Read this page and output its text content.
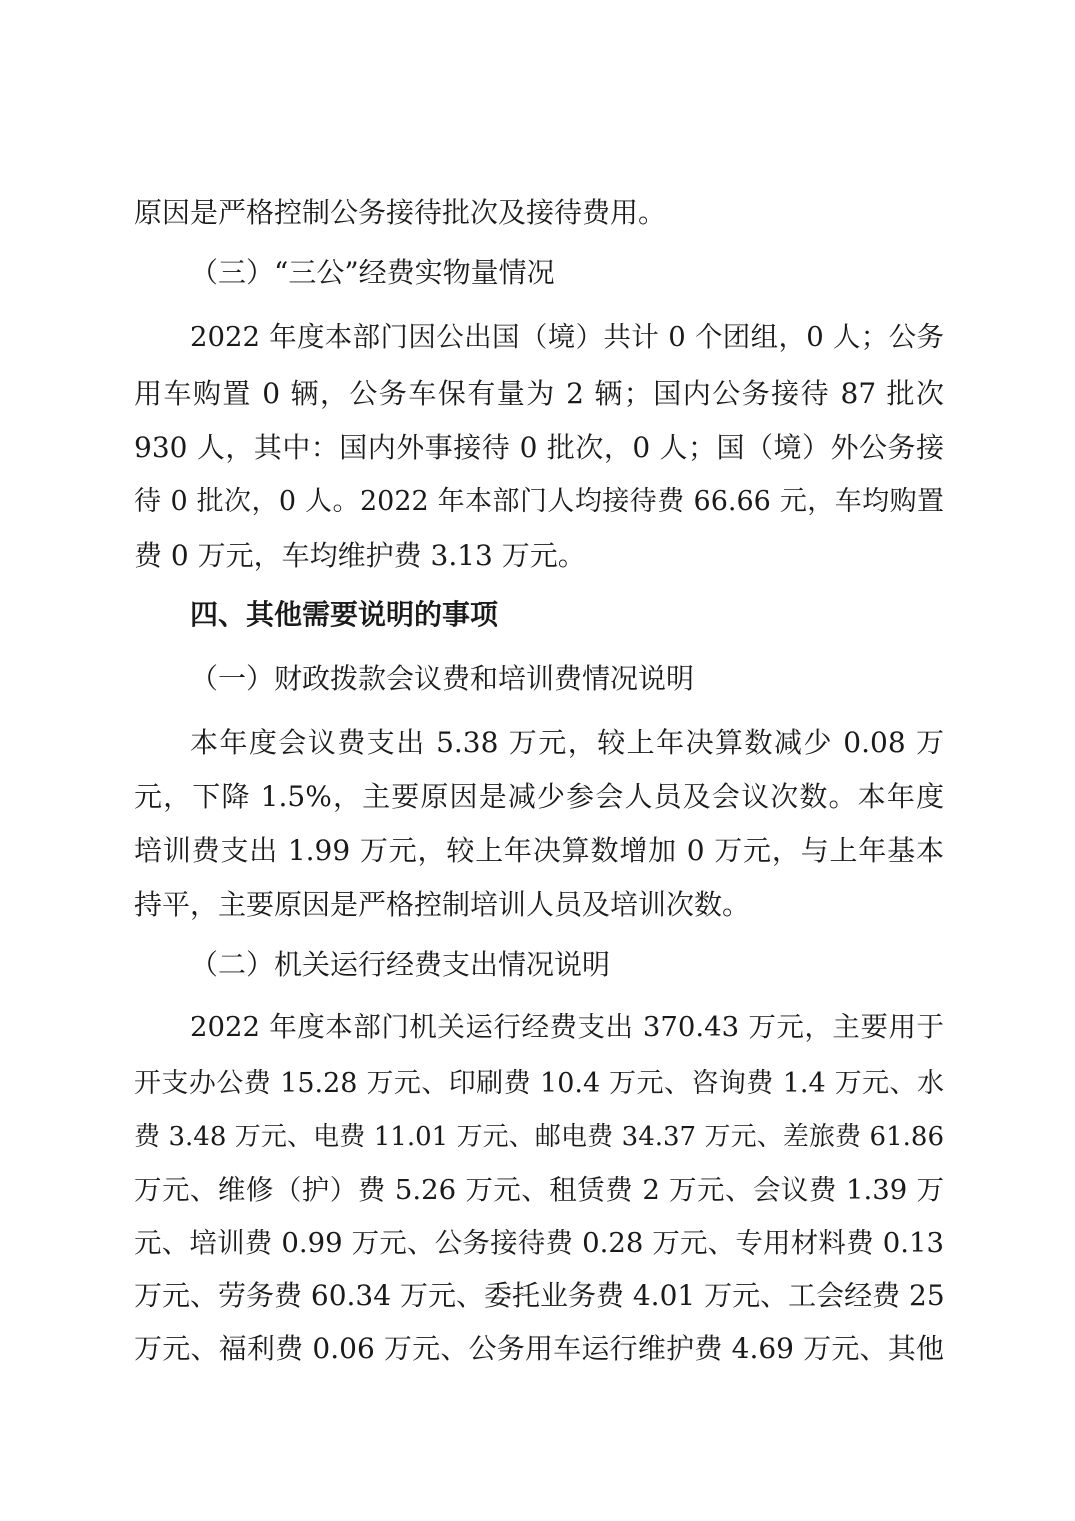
原因是严格控制公务接待批次及接待费用。
（三）“三公”经费实物量情况
2022 年度本部门因公出国（境）共计 0 个团组，0 人；公务
用车购置 0 辆，公务车保有量为 2 辆；国内公务接待 87 批次
930 人，其中：国内外事接待 0 批次，0 人；国（境）外公务接
待 0 批次，0 人。2022 年本部门人均接待费 66.66 元，车均购置
费 0 万元，车均维护费 3.13 万元。
四、其他需要说明的事项
（一）财政拨款会议费和培训费情况说明
本年度会议费支出 5.38 万元，较上年决算数减少 0.08 万
元，下降 1.5%，主要原因是减少参会人员及会议次数。本年度
培训费支出 1.99 万元，较上年决算数增加 0 万元，与上年基本
持平，主要原因是严格控制培训人员及培训次数。
（二）机关运行经费支出情况说明
2022 年度本部门机关运行经费支出 370.43 万元，主要用于
开支办公费 15.28 万元、印刷费 10.4 万元、咨询费 1.4 万元、水
费 3.48 万元、电费 11.01 万元、邮电费 34.37 万元、差旅费 61.86
万元、维修（护）费 5.26 万元、租赁费 2 万元、会议费 1.39 万
元、培训费 0.99 万元、公务接待费 0.28 万元、专用材料费 0.13
万元、劳务费 60.34 万元、委托业务费 4.01 万元、工会经费 25
万元、福利费 0.06 万元、公务用车运行维护费 4.69 万元、其他
